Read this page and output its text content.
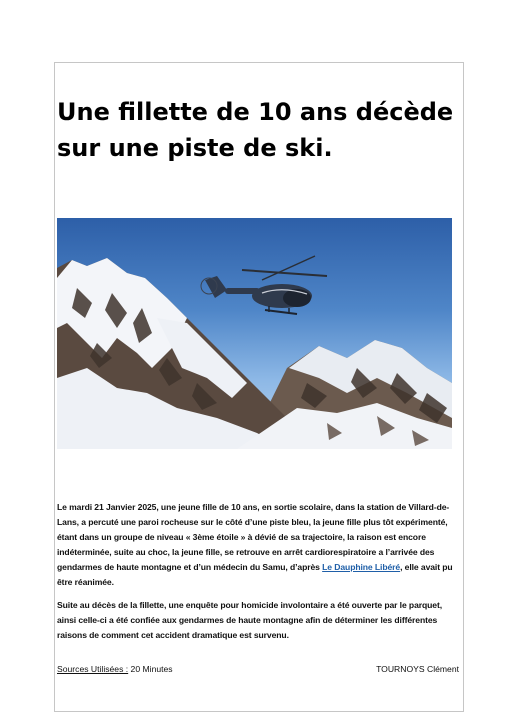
Une fillette de 10 ans décède sur une piste de ski.

Le mardi 21 Janvier 2025, une jeune fille de 10 ans, en sortie scolaire, dans la station de Villard-de-Lans, a percuté une paroi rocheuse sur le côté d’une piste bleu, la jeune fille plus tôt expérimenté, étant dans un groupe de niveau « 3ème étoile » à dévié de sa trajectoire, la raison est encore indéterminée, suite au choc, la jeune fille, se retrouve en arrêt cardiorespiratoire a l’arrivée des gendarmes de haute montagne et d’un médecin du Samu, d’après Le Dauphine Libéré, elle avait pu être réanimée.

Suite au décès de la fillette, une enquête pour homicide involontaire a été ouverte par le parquet, ainsi celle-ci a été confiée aux gendarmes de haute montagne afin de déterminer les différentes raisons de comment cet accident dramatique est survenu.

Sources Utilisées : 20 Minutes	TOURNOYS Clément
